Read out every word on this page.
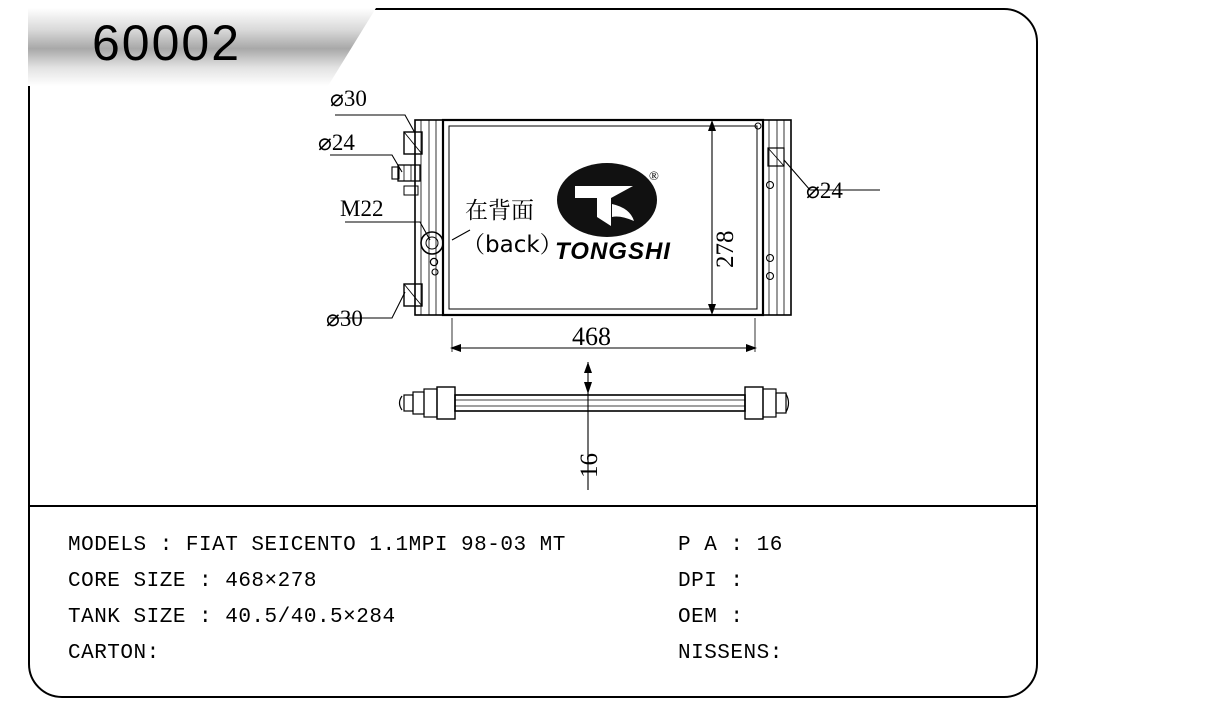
60002
⌀30
⌀24
M22
⌀30
⌀24
在背面
（back）	278
468
16
®
TONGSHI
MODELS : FIAT SEICENTO 1.1MPI 98-03 MT
CORE SIZE : 468×278
TANK SIZE : 40.5/40.5×284
CARTON:
P A : 16
DPI :
OEM :
NISSENS:
